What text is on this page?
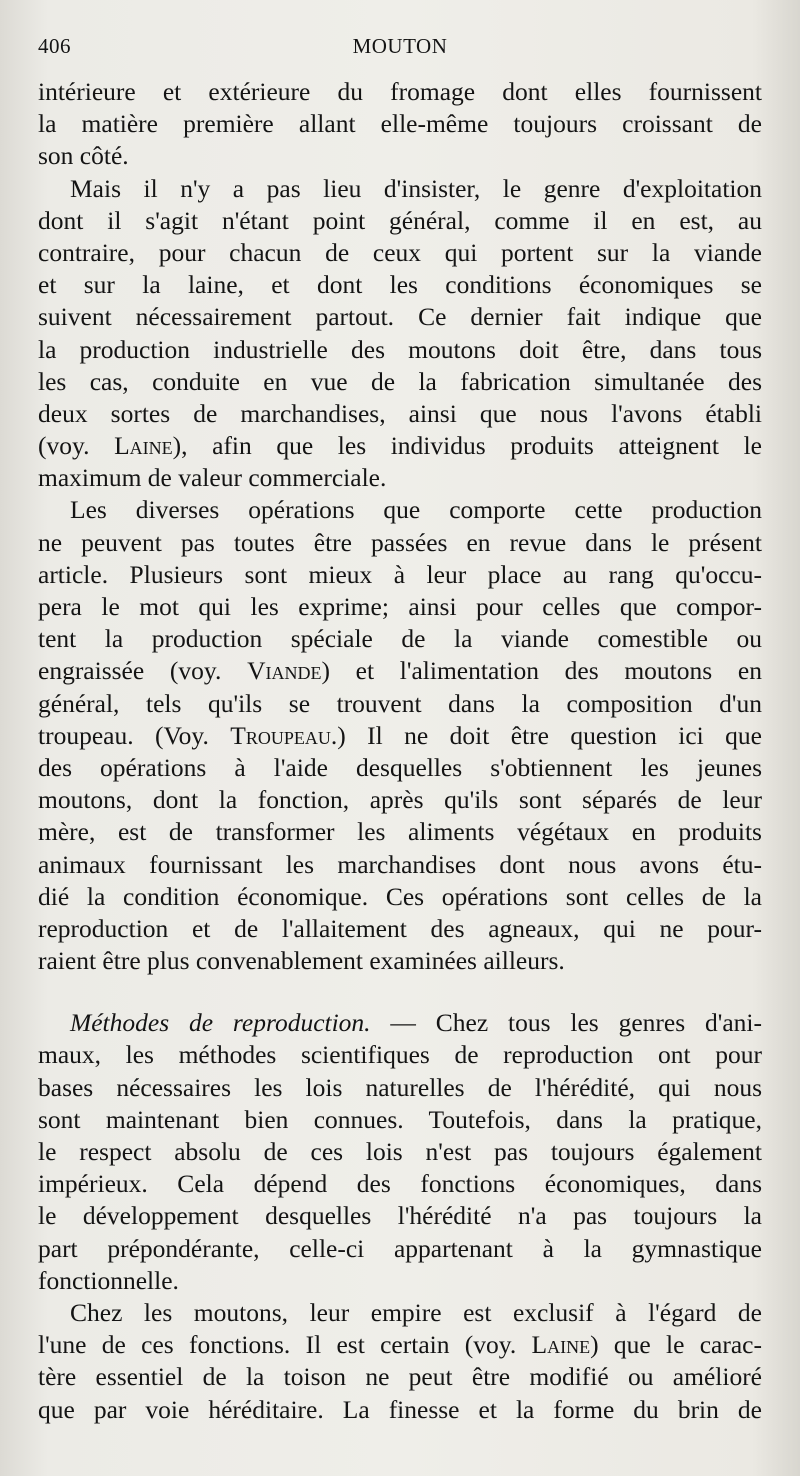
406	MOUTON
intérieure et extérieure du fromage dont elles fournissent
la matière première allant elle-même toujours croissant de
son côté.
Mais il n'y a pas lieu d'insister, le genre d'exploitation
dont il s'agit n'étant point général, comme il en est, au
contraire, pour chacun de ceux qui portent sur la viande
et sur la laine, et dont les conditions économiques se
suivent nécessairement partout. Ce dernier fait indique que
la production industrielle des moutons doit être, dans tous
les cas, conduite en vue de la fabrication simultanée des
deux sortes de marchandises, ainsi que nous l'avons établi
(voy. Laine), afin que les individus produits atteignent le
maximum de valeur commerciale.
Les diverses opérations que comporte cette production
ne peuvent pas toutes être passées en revue dans le présent
article. Plusieurs sont mieux à leur place au rang qu'occu-
pera le mot qui les exprime; ainsi pour celles que compor-
tent la production spéciale de la viande comestible ou
engraissée (voy. Viande) et l'alimentation des moutons en
général, tels qu'ils se trouvent dans la composition d'un
troupeau. (Voy. Troupeau.) Il ne doit être question ici que
des opérations à l'aide desquelles s'obtiennent les jeunes
moutons, dont la fonction, après qu'ils sont séparés de leur
mère, est de transformer les aliments végétaux en produits
animaux fournissant les marchandises dont nous avons étu-
dié la condition économique. Ces opérations sont celles de la
reproduction et de l'allaitement des agneaux, qui ne pour-
raient être plus convenablement examinées ailleurs.
Méthodes de reproduction. — Chez tous les genres d'ani-
maux, les méthodes scientifiques de reproduction ont pour
bases nécessaires les lois naturelles de l'hérédité, qui nous
sont maintenant bien connues. Toutefois, dans la pratique,
le respect absolu de ces lois n'est pas toujours également
impérieux. Cela dépend des fonctions économiques, dans
le développement desquelles l'hérédité n'a pas toujours la
part prépondérante, celle-ci appartenant à la gymnastique
fonctionnelle.
Chez les moutons, leur empire est exclusif à l'égard de
l'une de ces fonctions. Il est certain (voy. Laine) que le carac-
tère essentiel de la toison ne peut être modifié ou amélioré
que par voie héréditaire. La finesse et la forme du brin de
